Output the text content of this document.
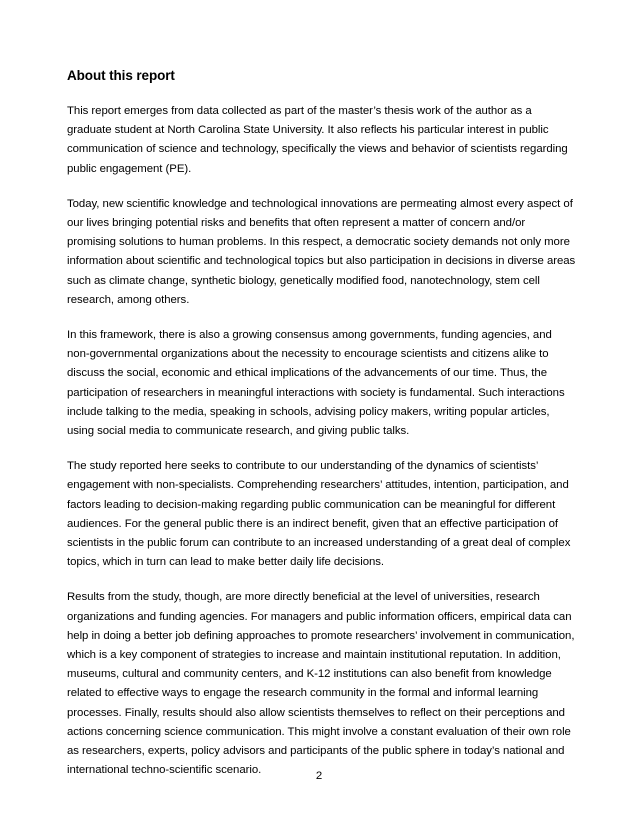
About this report

This report emerges from data collected as part of the master’s thesis work of the author as a graduate student at North Carolina State University. It also reflects his particular interest in public communication of science and technology, specifically the views and behavior of scientists regarding public engagement (PE).

Today, new scientific knowledge and technological innovations are permeating almost every aspect of our lives bringing potential risks and benefits that often represent a matter of concern and/or promising solutions to human problems. In this respect, a democratic society demands not only more information about scientific and technological topics but also participation in decisions in diverse areas such as climate change, synthetic biology, genetically modified food, nanotechnology, stem cell research, among others.

In this framework, there is also a growing consensus among governments, funding agencies, and non-governmental organizations about the necessity to encourage scientists and citizens alike to discuss the social, economic and ethical implications of the advancements of our time. Thus, the participation of researchers in meaningful interactions with society is fundamental. Such interactions include talking to the media, speaking in schools, advising policy makers, writing popular articles, using social media to communicate research, and giving public talks.

The study reported here seeks to contribute to our understanding of the dynamics of scientists’ engagement with non-specialists. Comprehending researchers’ attitudes, intention, participation, and factors leading to decision-making regarding public communication can be meaningful for different audiences. For the general public there is an indirect benefit, given that an effective participation of scientists in the public forum can contribute to an increased understanding of a great deal of complex topics, which in turn can lead to make better daily life decisions.

Results from the study, though, are more directly beneficial at the level of universities, research organizations and funding agencies. For managers and public information officers, empirical data can help in doing a better job defining approaches to promote researchers’ involvement in communication, which is a key component of strategies to increase and maintain institutional reputation. In addition, museums, cultural and community centers, and K-12 institutions can also benefit from knowledge related to effective ways to engage the research community in the formal and informal learning processes. Finally, results should also allow scientists themselves to reflect on their perceptions and actions concerning science communication. This might involve a constant evaluation of their own role as researchers, experts, policy advisors and participants of the public sphere in today’s national and international techno-scientific scenario.	2
